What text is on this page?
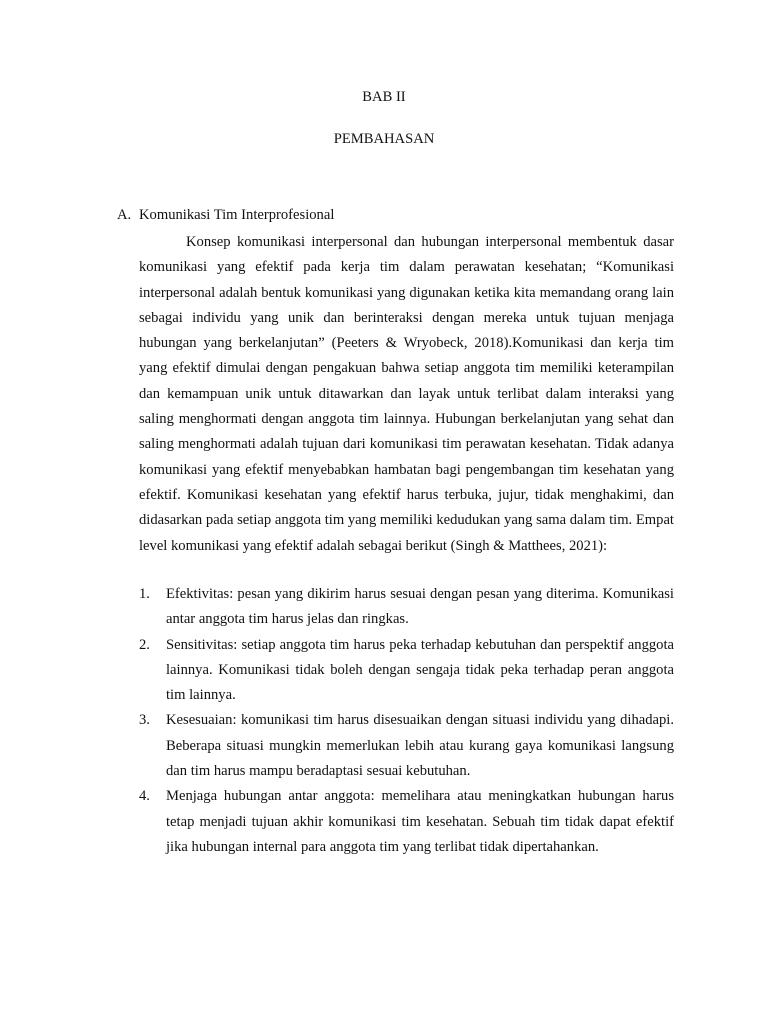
BAB II
PEMBAHASAN
A. Komunikasi Tim Interprofesional

Konsep komunikasi interpersonal dan hubungan interpersonal membentuk dasar komunikasi yang efektif pada kerja tim dalam perawatan kesehatan; “Komunikasi interpersonal adalah bentuk komunikasi yang digunakan ketika kita memandang orang lain sebagai individu yang unik dan berinteraksi dengan mereka untuk tujuan menjaga hubungan yang berkelanjutan” (Peeters & Wryobeck, 2018).Komunikasi dan kerja tim yang efektif dimulai dengan pengakuan bahwa setiap anggota tim memiliki keterampilan dan kemampuan unik untuk ditawarkan dan layak untuk terlibat dalam interaksi yang saling menghormati dengan anggota tim lainnya. Hubungan berkelanjutan yang sehat dan saling menghormati adalah tujuan dari komunikasi tim perawatan kesehatan. Tidak adanya komunikasi yang efektif menyebabkan hambatan bagi pengembangan tim kesehatan yang efektif. Komunikasi kesehatan yang efektif harus terbuka, jujur, tidak menghakimi, dan didasarkan pada setiap anggota tim yang memiliki kedudukan yang sama dalam tim. Empat level komunikasi yang efektif adalah sebagai berikut (Singh & Matthees, 2021):

1. Efektivitas: pesan yang dikirim harus sesuai dengan pesan yang diterima. Komunikasi antar anggota tim harus jelas dan ringkas.
2. Sensitivitas: setiap anggota tim harus peka terhadap kebutuhan dan perspektif anggota lainnya. Komunikasi tidak boleh dengan sengaja tidak peka terhadap peran anggota tim lainnya.
3. Kesesuaian: komunikasi tim harus disesuaikan dengan situasi individu yang dihadapi. Beberapa situasi mungkin memerlukan lebih atau kurang gaya komunikasi langsung dan tim harus mampu beradaptasi sesuai kebutuhan.
4. Menjaga hubungan antar anggota: memelihara atau meningkatkan hubungan harus tetap menjadi tujuan akhir komunikasi tim kesehatan. Sebuah tim tidak dapat efektif jika hubungan internal para anggota tim yang terlibat tidak dipertahankan.
